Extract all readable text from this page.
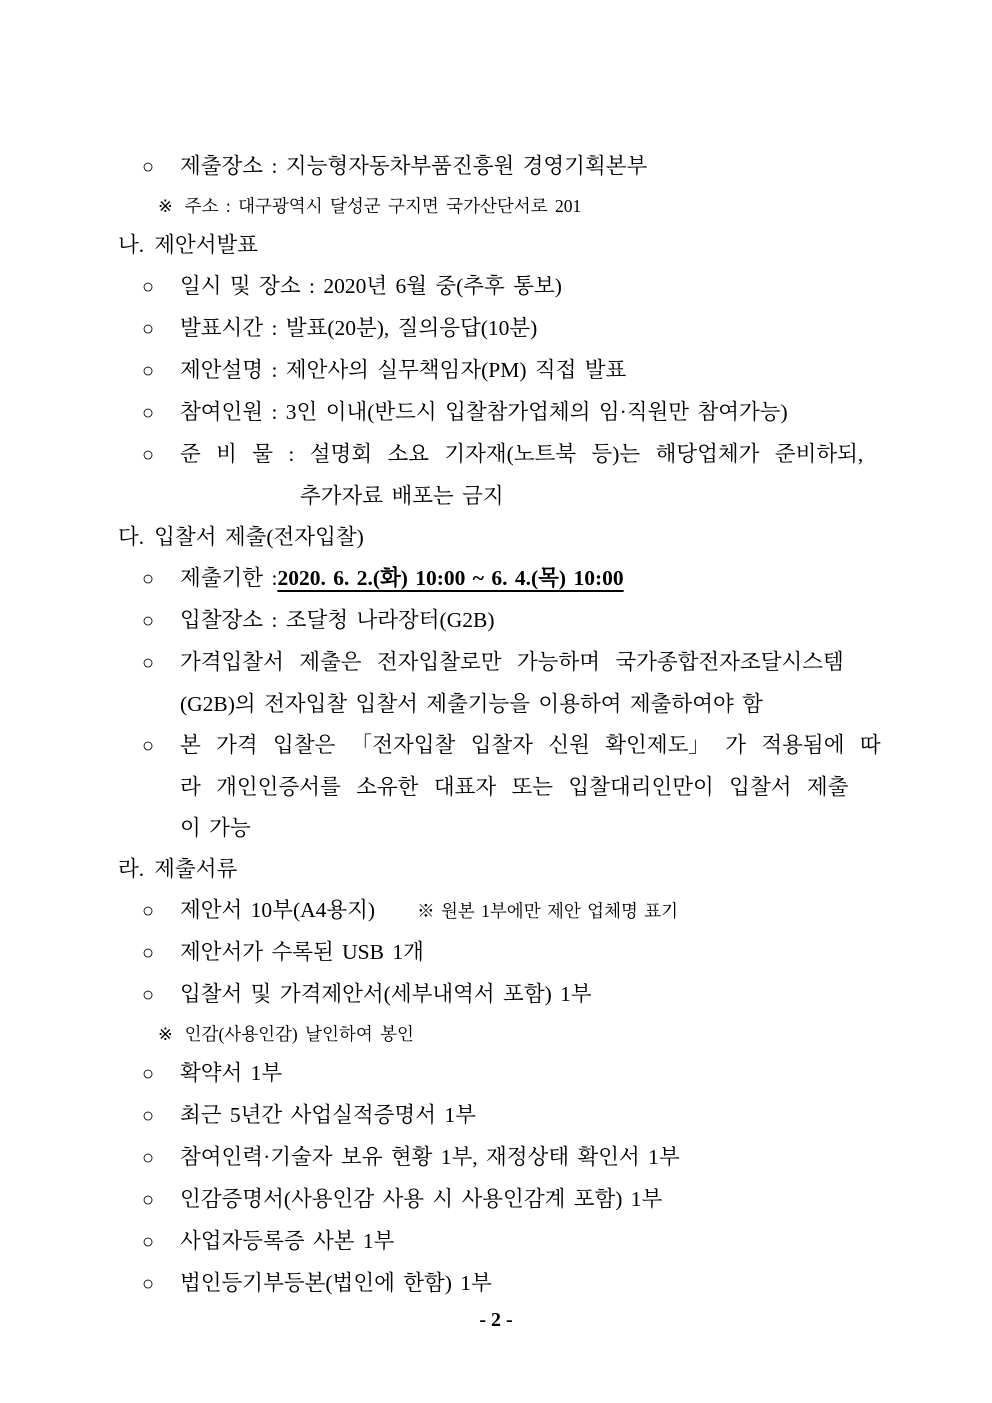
○	제출장소 : 지능형자동차부품진흥원 경영기획본부
※ 주소 : 대구광역시 달성군 구지면 국가산단서로 201
나. 제안서발표
○	일시 및 장소 : 2020년 6월 중(추후 통보)
○	발표시간 : 발표(20분), 질의응답(10분)
○	제안설명 : 제안사의 실무책임자(PM) 직접 발표
○	참여인원 : 3인 이내(반드시 입찰참가업체의 임·직원만 참여가능)
○	준 비 물 : 설명회 소요 기자재(노트북 등)는 해당업체가 준비하되,
추가자료 배포는 금지
다. 입찰서 제출(전자입찰)
○	제출기한 : 2020. 6. 2.(화) 10:00 ~ 6. 4.(목) 10:00
○	입찰장소 : 조달청 나라장터(G2B)
○	가격입찰서 제출은 전자입찰로만 가능하며 국가종합전자조달시스템
(G2B)의 전자입찰 입찰서 제출기능을 이용하여 제출하여야 함
○	본 가격 입찰은 「전자입찰 입찰자 신원 확인제도」 가 적용됨에 따
라 개인인증서를 소유한 대표자 또는 입찰대리인만이 입찰서 제출
이 가능
라. 제출서류
○	제안서 10부(A4용지) ※ 원본 1부에만 제안 업체명 표기
○	제안서가 수록된 USB 1개
○	입찰서 및 가격제안서(세부내역서 포함) 1부
※ 인감(사용인감) 날인하여 봉인
○	확약서 1부
○	최근 5년간 사업실적증명서 1부
○	참여인력·기술자 보유 현황 1부, 재정상태 확인서 1부
○	인감증명서(사용인감 사용 시 사용인감계 포함) 1부
○	사업자등록증 사본 1부
○	법인등기부등본(법인에 한함) 1부
- 2 -
